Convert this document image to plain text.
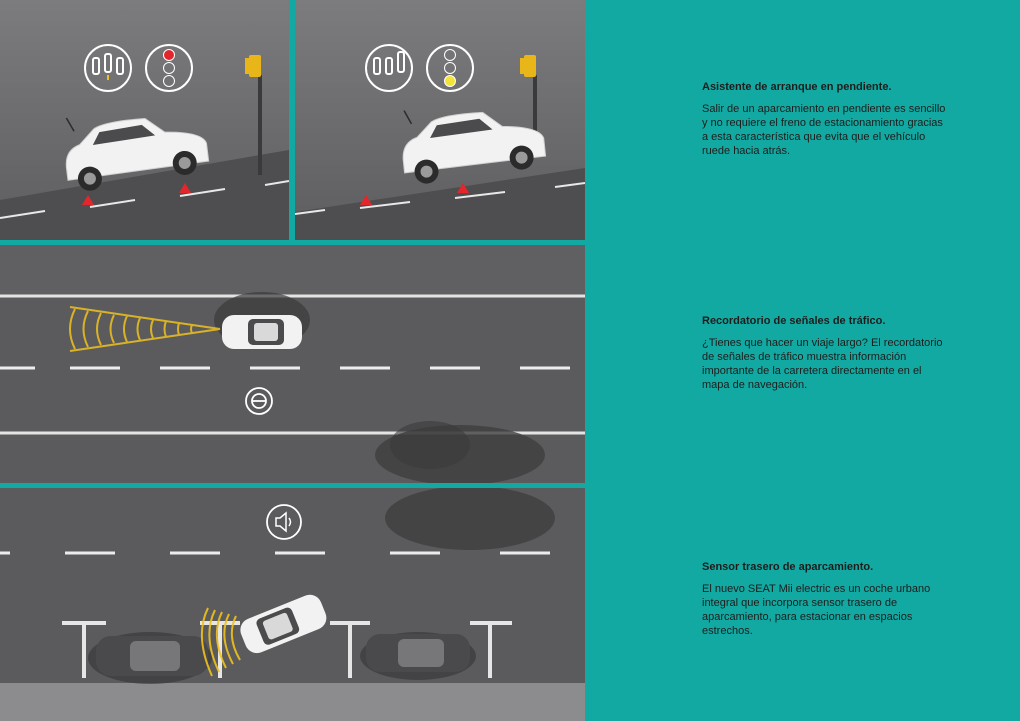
Asistente de arranque en pendiente.

Salir de un aparcamiento en pendiente es sencillo y no requiere el freno de estacionamiento gracias a esta característica que evita que el vehículo ruede hacia atrás.

Recordatorio de señales de tráfico.

¿Tienes que hacer un viaje largo? El recordatorio de señales de tráfico muestra información importante de la carretera directamente en el mapa de navegación.

Sensor trasero de aparcamiento.

El nuevo SEAT Mii electric es un coche urbano integral que incorpora sensor trasero de aparcamiento, para estacionar en espacios estrechos.
